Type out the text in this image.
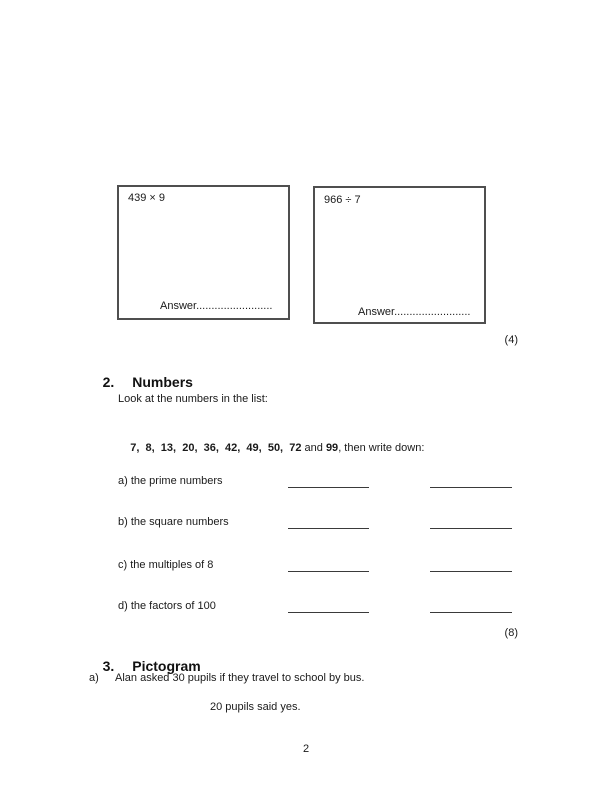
439 × 9
Answer.........................
966 ÷ 7
Answer.........................
(4)

2. Numbers

Look at the numbers in the list:

7,  8,  13,  20,  36,  42,  49,  50,  72 and 99, then write down:

a) the prime numbers
b) the square numbers
c) the multiples of 8
d) the factors of 100
(8)

3. Pictogram

a) Alan asked 30 pupils if they travel to school by bus.
20 pupils said yes.
2
